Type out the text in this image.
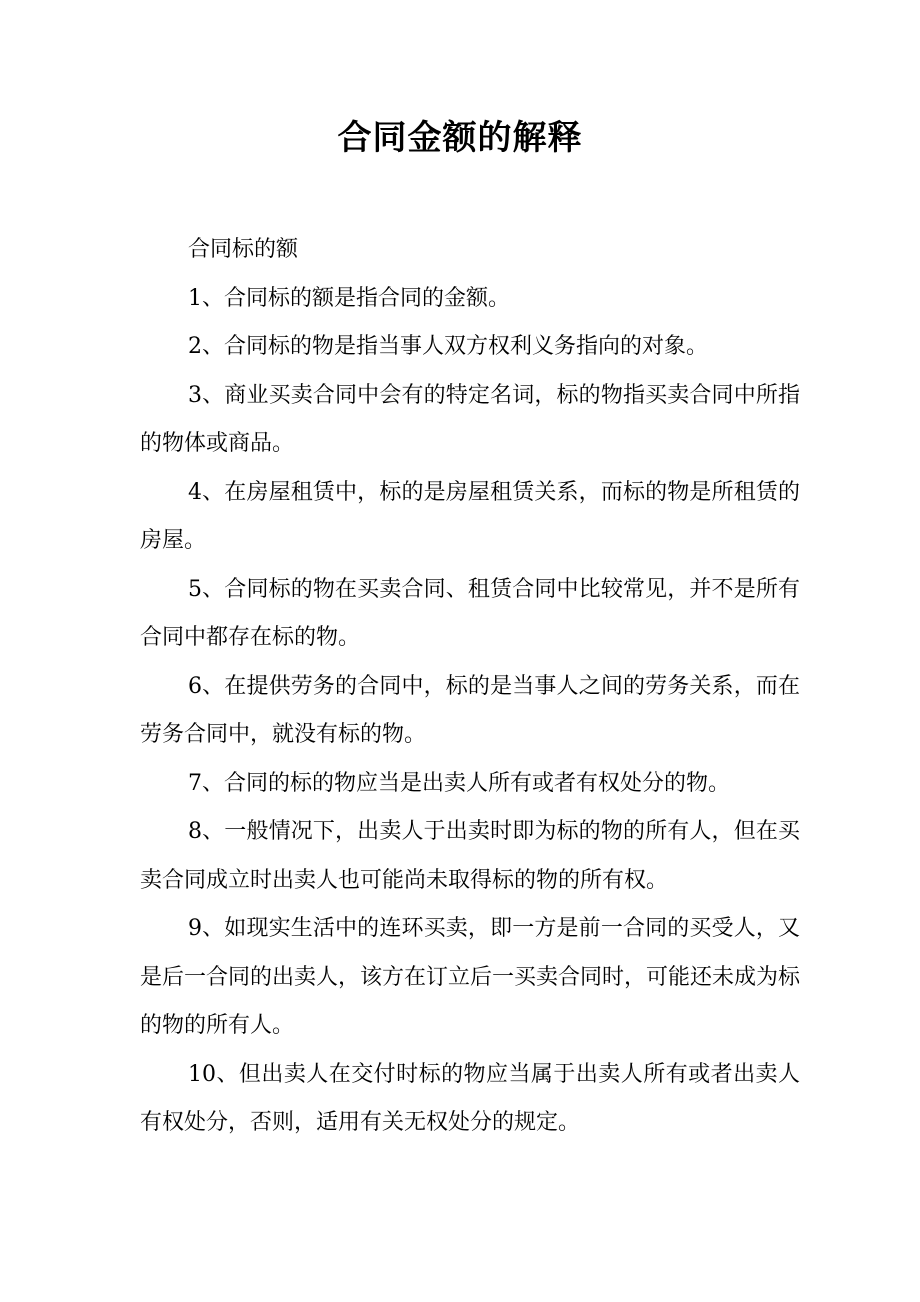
合同金额的解释

合同标的额

1、合同标的额是指合同的金额。

2、合同标的物是指当事人双方权利义务指向的对象。

3、商业买卖合同中会有的特定名词，标的物指买卖合同中所指的物体或商品。

4、在房屋租赁中，标的是房屋租赁关系，而标的物是所租赁的房屋。

5、合同标的物在买卖合同、租赁合同中比较常见，并不是所有合同中都存在标的物。

6、在提供劳务的合同中，标的是当事人之间的劳务关系，而在劳务合同中，就没有标的物。

7、合同的标的物应当是出卖人所有或者有权处分的物。

8、一般情况下，出卖人于出卖时即为标的物的所有人，但在买卖合同成立时出卖人也可能尚未取得标的物的所有权。

9、如现实生活中的连环买卖，即一方是前一合同的买受人，又是后一合同的出卖人，该方在订立后一买卖合同时，可能还未成为标的物的所有人。

10、但出卖人在交付时标的物应当属于出卖人所有或者出卖人有权处分，否则，适用有关无权处分的规定。
